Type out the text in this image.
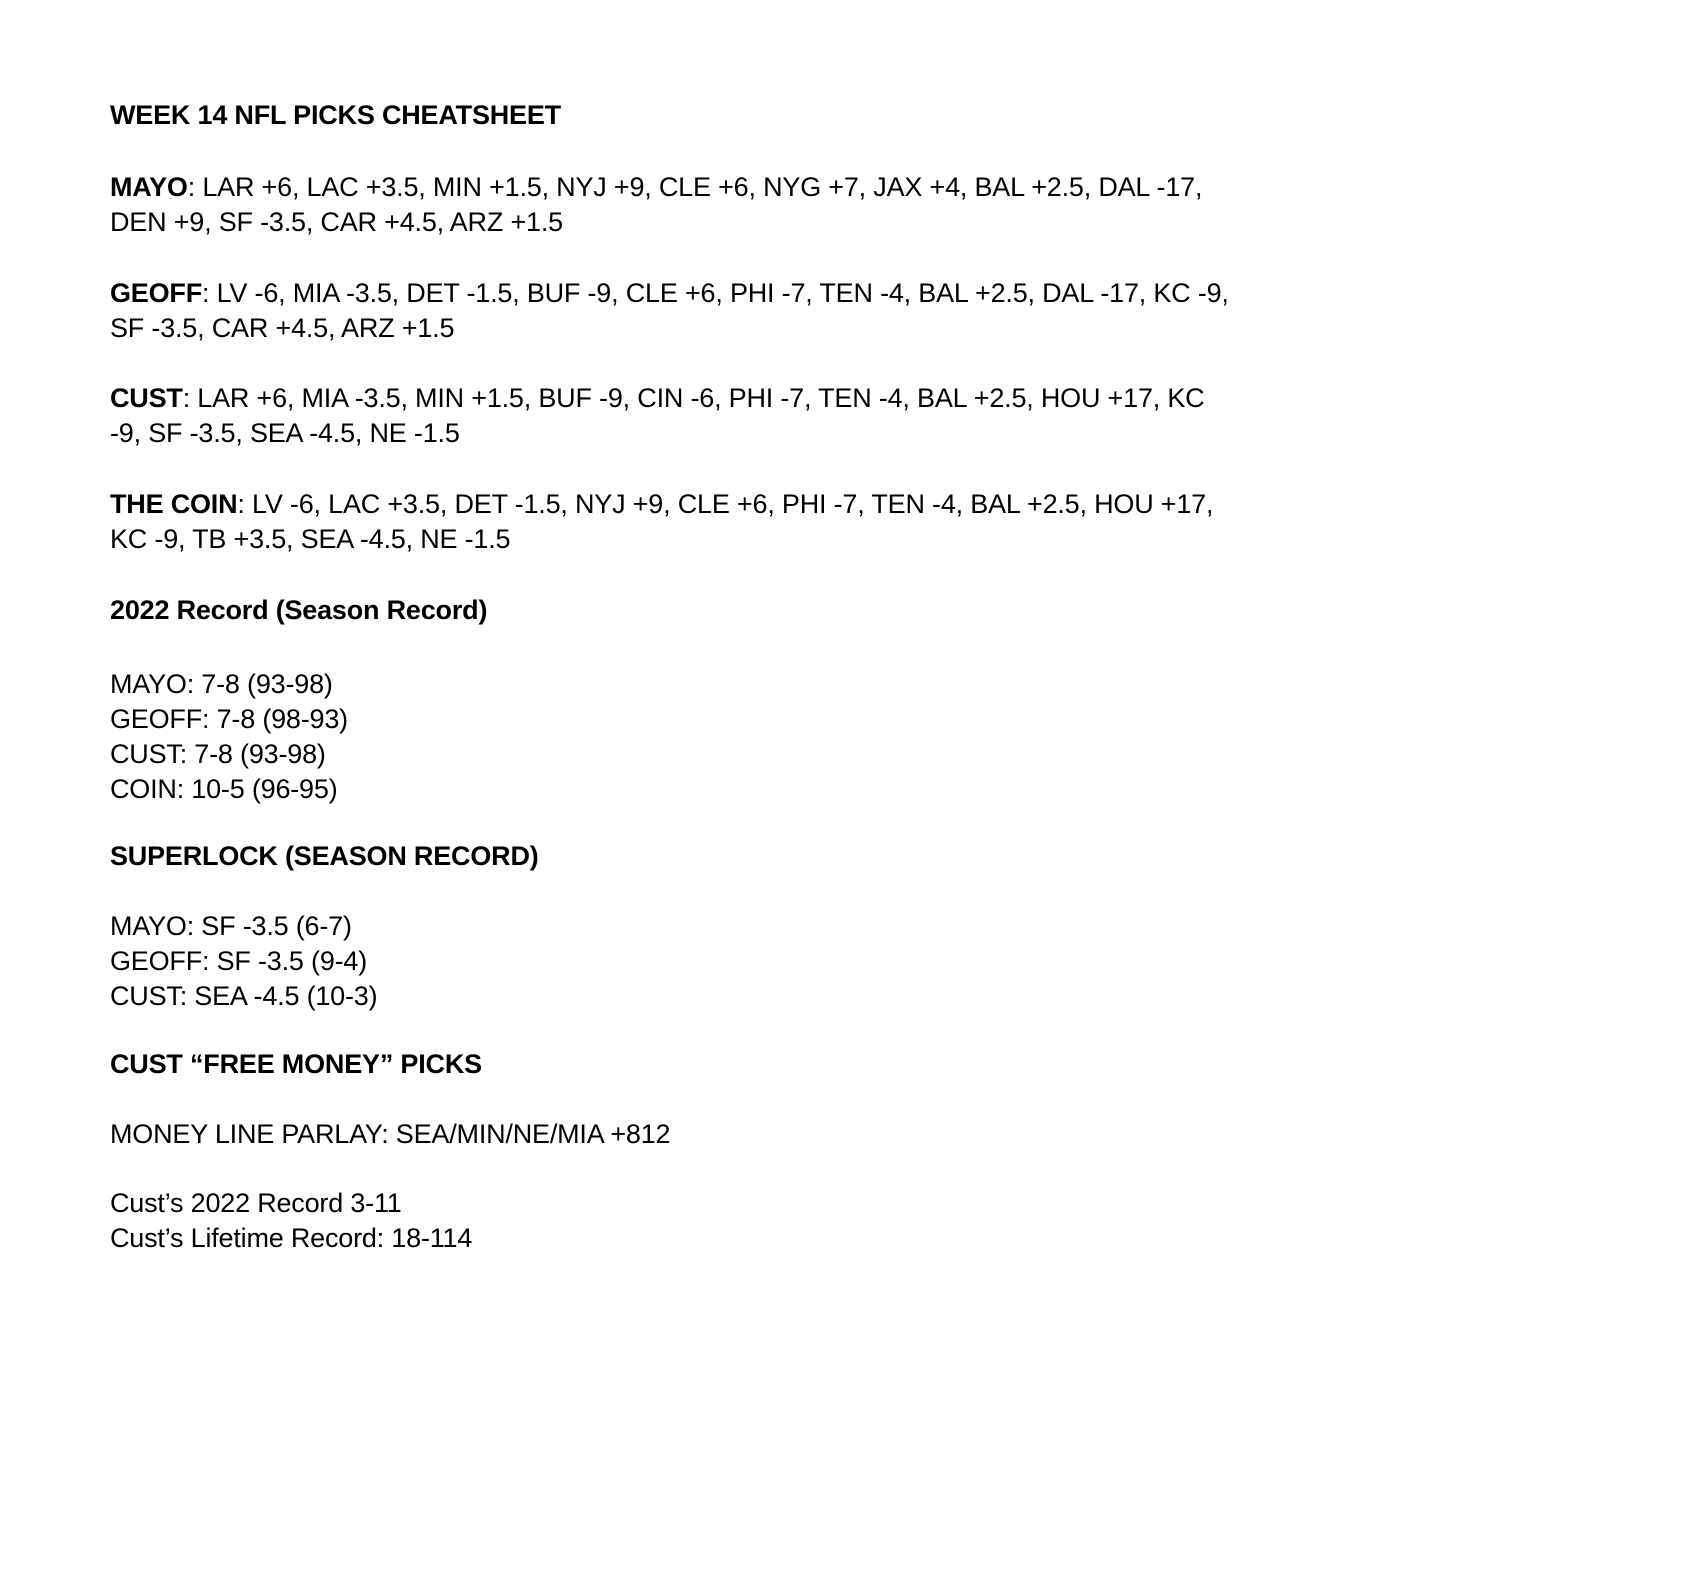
WEEK 14 NFL PICKS CHEATSHEET
MAYO: LAR +6, LAC +3.5, MIN +1.5, NYJ +9, CLE +6, NYG +7, JAX +4, BAL +2.5, DAL -17,
DEN +9, SF -3.5, CAR +4.5, ARZ +1.5
GEOFF: LV -6, MIA -3.5, DET -1.5, BUF -9, CLE +6, PHI -7, TEN -4, BAL +2.5, DAL -17, KC -9,
SF -3.5, CAR +4.5, ARZ +1.5
CUST: LAR +6, MIA -3.5, MIN +1.5, BUF -9, CIN -6, PHI -7, TEN -4, BAL +2.5, HOU +17, KC
-9, SF -3.5, SEA -4.5, NE -1.5
THE COIN: LV -6, LAC +3.5, DET -1.5, NYJ +9, CLE +6, PHI -7, TEN -4, BAL +2.5, HOU +17,
KC -9, TB +3.5, SEA -4.5, NE -1.5
2022 Record (Season Record)
MAYO: 7-8 (93-98)
GEOFF: 7-8 (98-93)
CUST: 7-8 (93-98)
COIN: 10-5 (96-95)
SUPERLOCK (SEASON RECORD)
MAYO: SF -3.5 (6-7)
GEOFF: SF -3.5 (9-4)
CUST: SEA -4.5 (10-3)
CUST “FREE MONEY” PICKS
MONEY LINE PARLAY: SEA/MIN/NE/MIA +812
Cust’s 2022 Record 3-11
Cust’s Lifetime Record: 18-114
